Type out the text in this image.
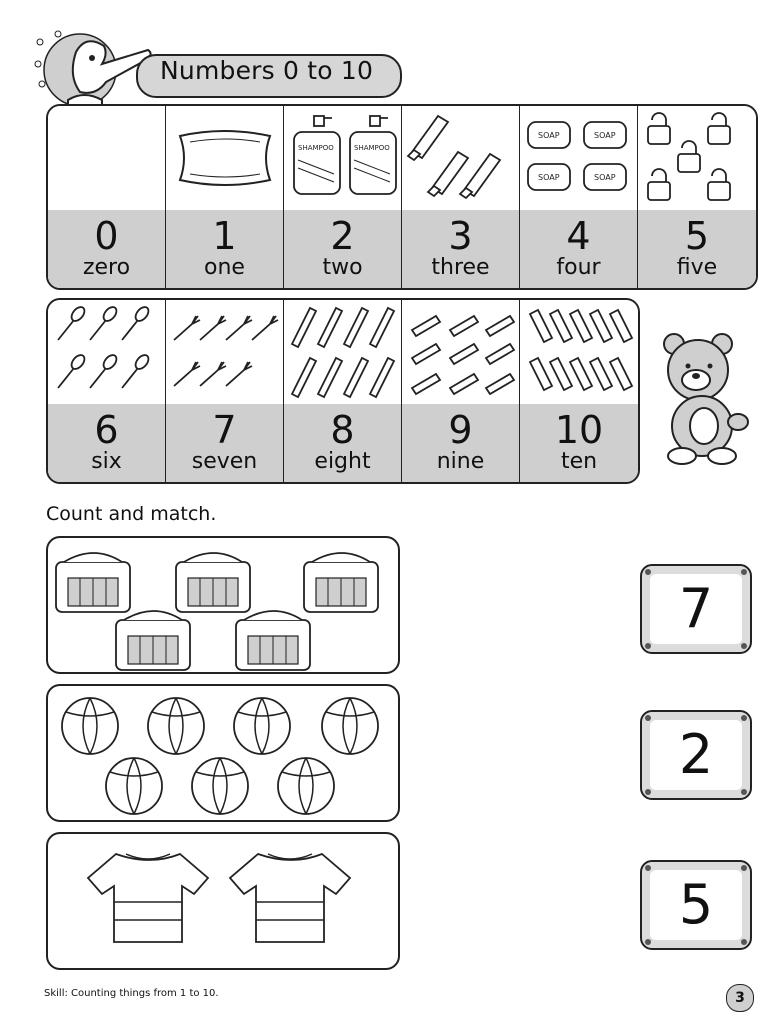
Numbers 0 to 10
0
zero
1
one
SHAMPOO	SHAMPOO
2
two
3
three
SOAP	SOAP
SOAP	SOAP
4
four
5
five
6
six
7
seven
8
eight
9
nine
10
ten
Count and match.
7
2
5
Skill: Counting things from 1 to 10.	3
